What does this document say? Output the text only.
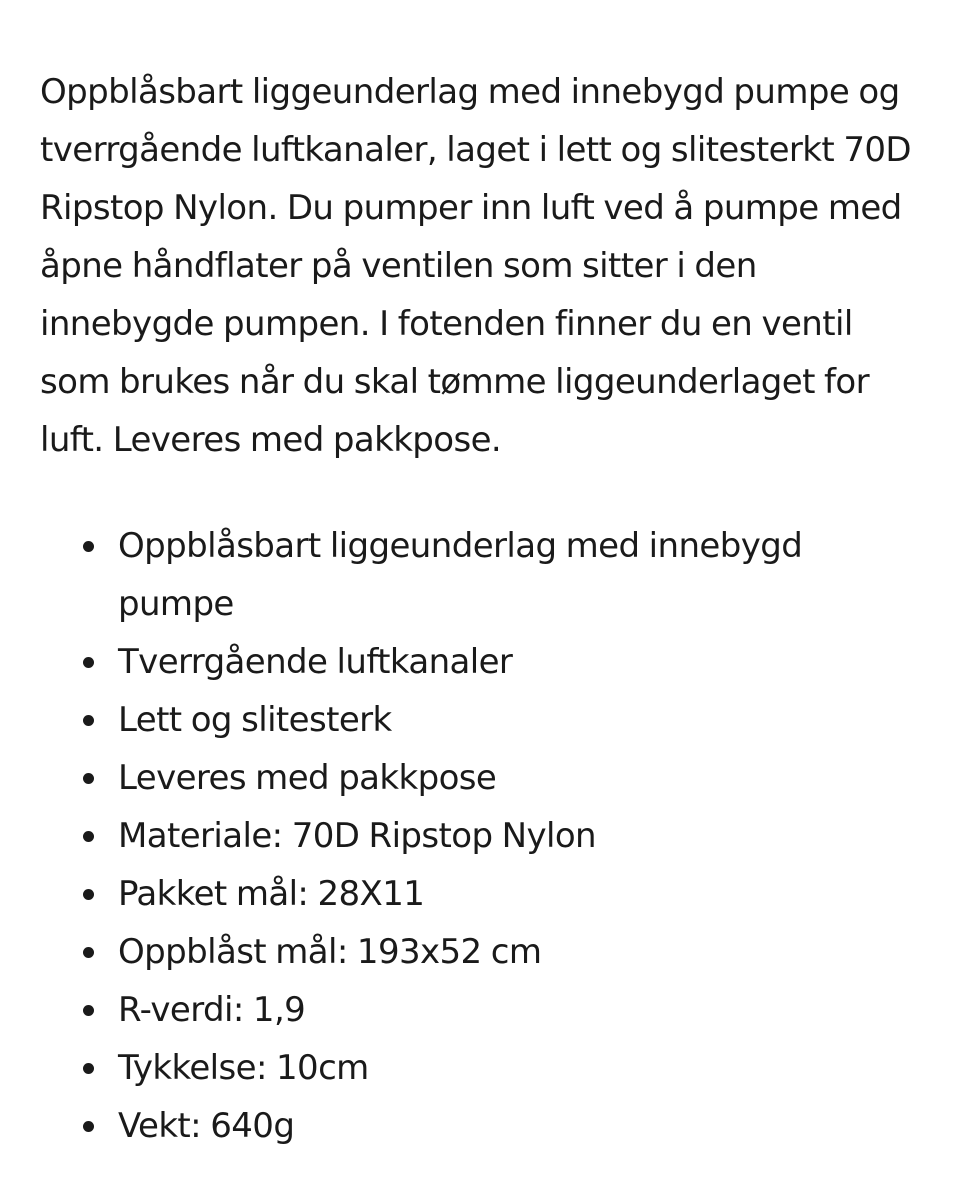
Oppblåsbart liggeunderlag med innebygd pumpe og tverrgående luftkanaler, laget i lett og slitesterkt 70D Ripstop Nylon. Du pumper inn luft ved å pumpe med åpne håndflater på ventilen som sitter i den innebygde pumpen. I fotenden finner du en ventil som brukes når du skal tømme liggeunderlaget for luft. Leveres med pakkpose.

Oppblåsbart liggeunderlag med innebygd pumpe
Tverrgående luftkanaler
Lett og slitesterk
Leveres med pakkpose
Materiale: 70D Ripstop Nylon
Pakket mål: 28X11
Oppblåst mål: 193x52 cm
R-verdi: 1,9
Tykkelse: 10cm
Vekt: 640g
